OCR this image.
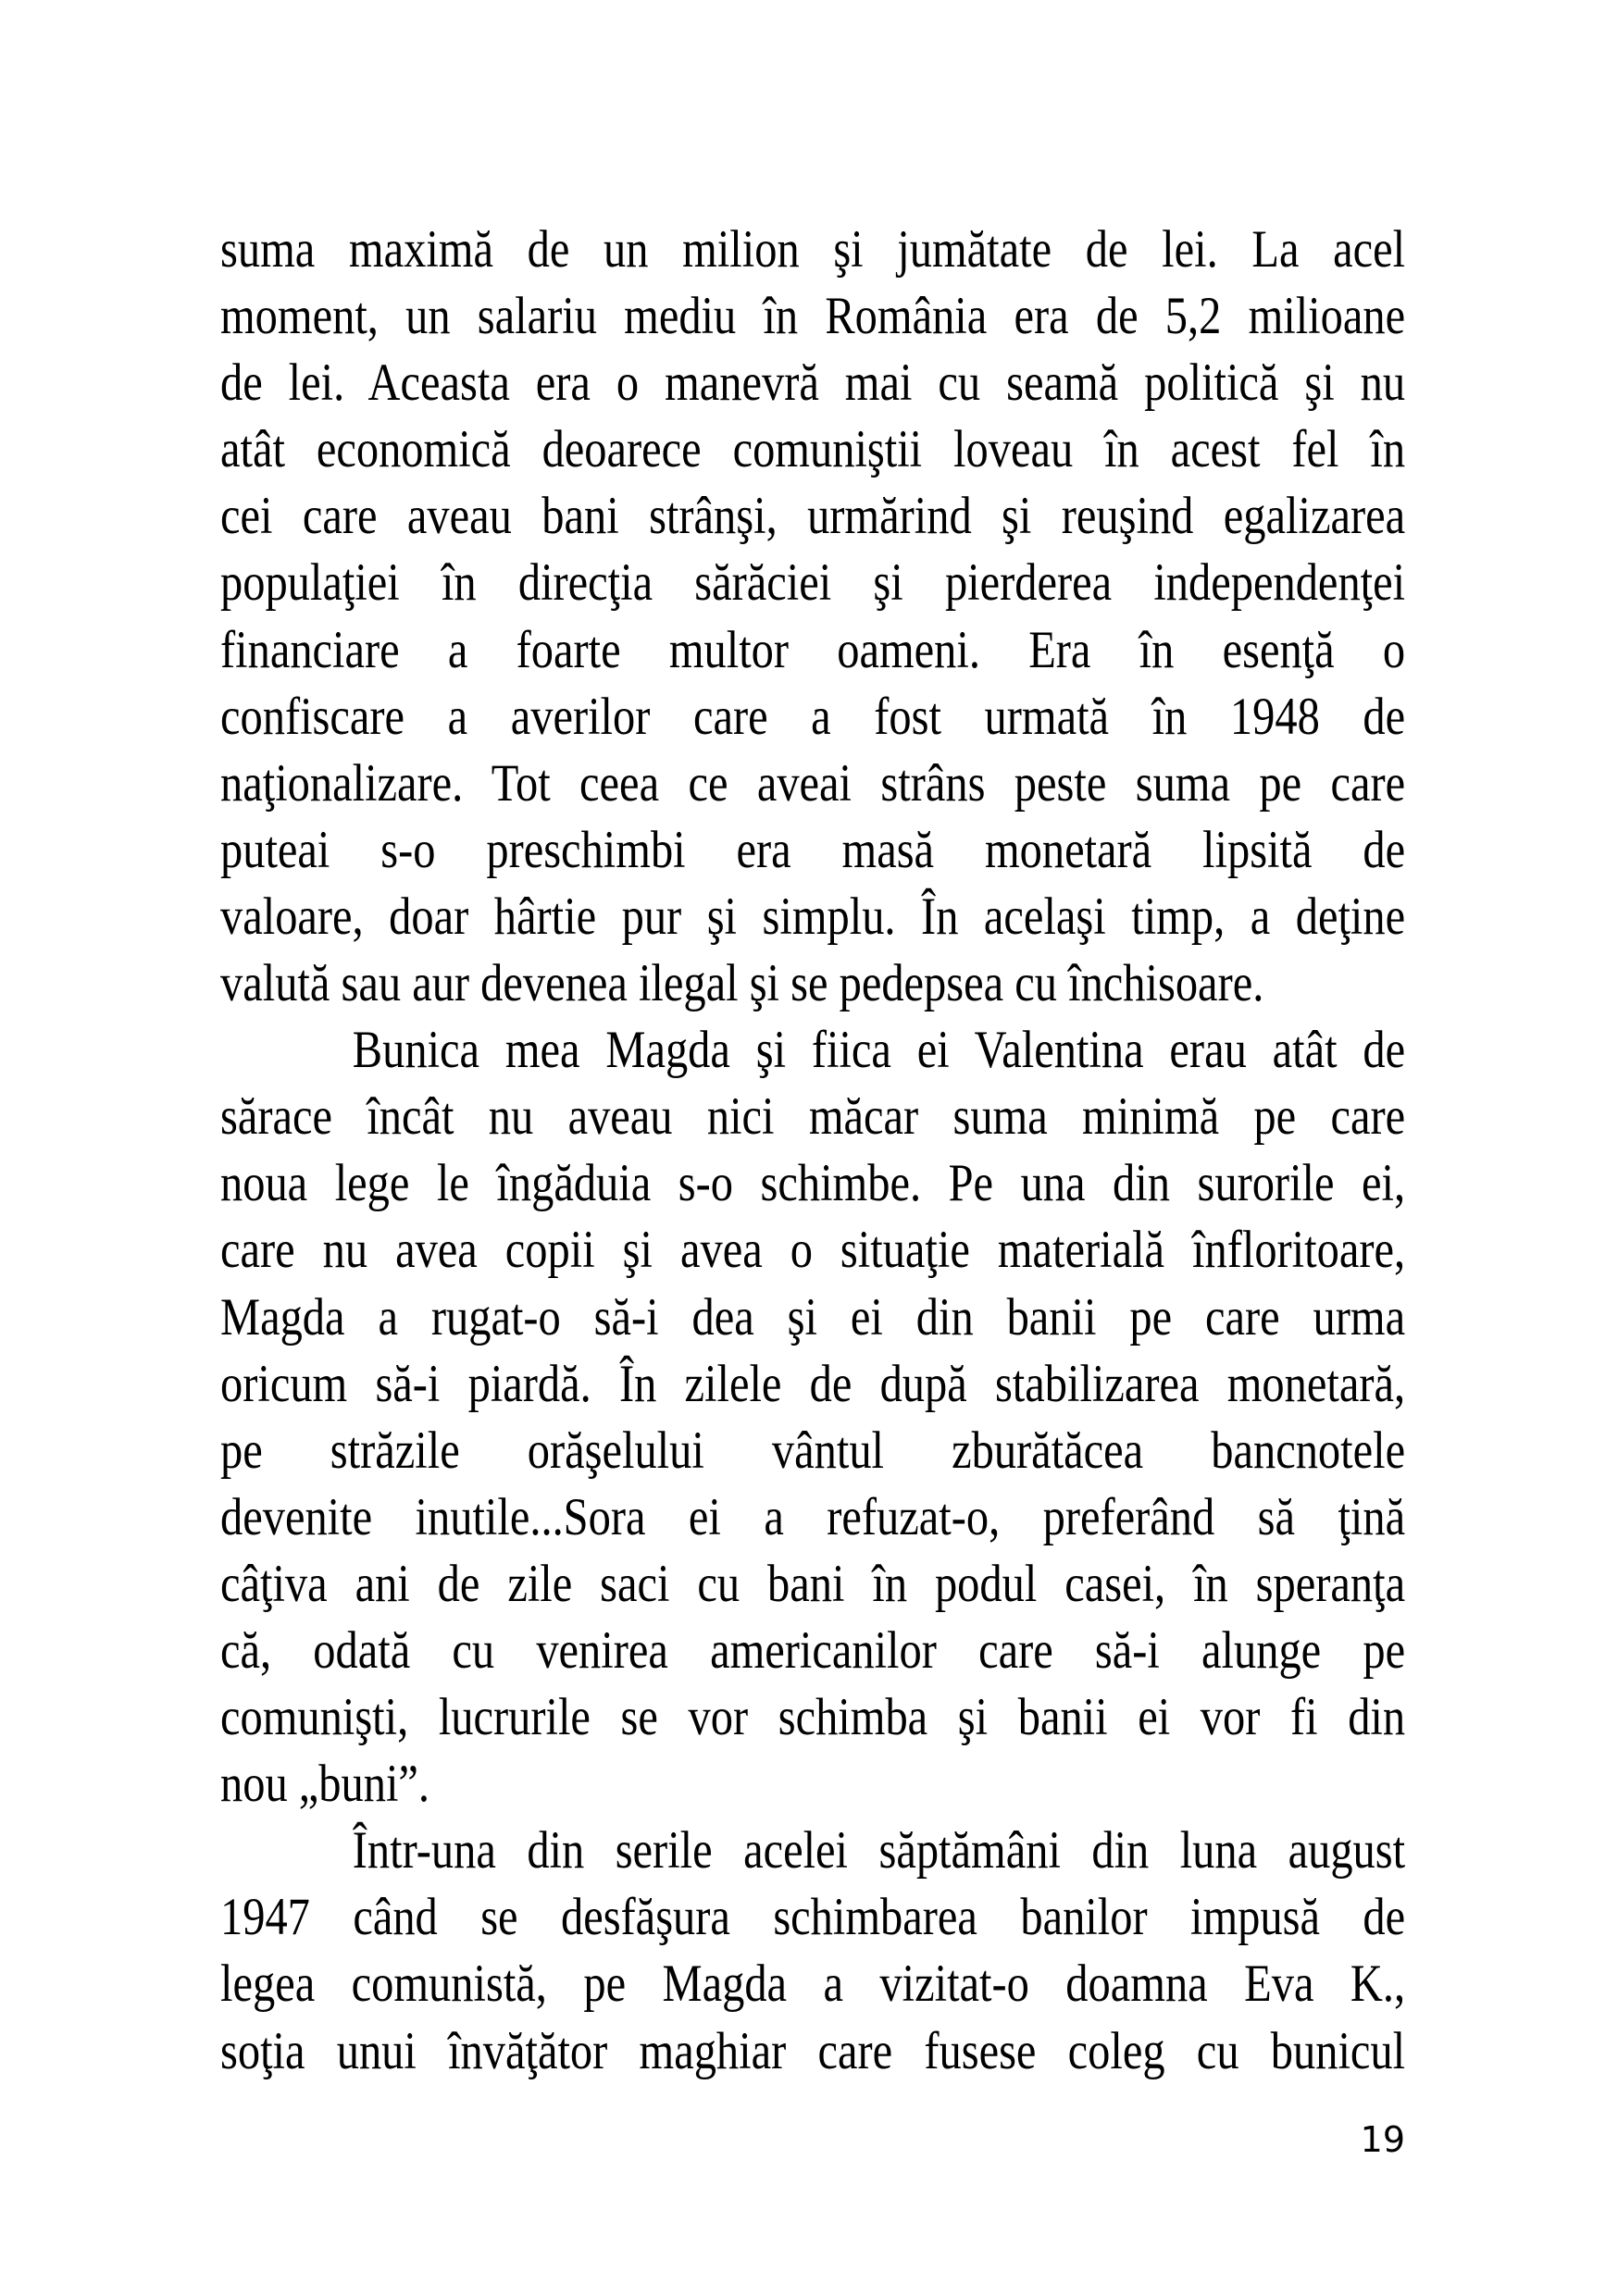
suma maximă de un milion şi jumătate de lei. La acel
moment, un salariu mediu în România era de 5,2 milioane
de lei. Aceasta era o manevră mai cu seamă politică şi nu
atât economică deoarece comuniştii loveau în acest fel în
cei care aveau bani strânşi, urmărind şi reuşind egalizarea
populaţiei în direcţia sărăciei şi pierderea independenţei
financiare a foarte multor oameni. Era în esenţă o
confiscare a averilor care a fost urmată în 1948 de
naţionalizare. Tot ceea ce aveai strâns peste suma pe care
puteai s-o preschimbi era masă monetară lipsită de
valoare, doar hârtie pur şi simplu. În acelaşi timp, a deţine
valută sau aur devenea ilegal şi se pedepsea cu închisoare.
Bunica mea Magda şi fiica ei Valentina erau atât de
sărace încât nu aveau nici măcar suma minimă pe care
noua lege le îngăduia s-o schimbe. Pe una din surorile ei,
care nu avea copii şi avea o situaţie materială înfloritoare,
Magda a rugat-o să-i dea şi ei din banii pe care urma
oricum să-i piardă. În zilele de după stabilizarea monetară,
pe străzile orăşelului vântul zburătăcea bancnotele
devenite inutile...Sora ei a refuzat-o, preferând să ţină
câţiva ani de zile saci cu bani în podul casei, în speranţa
că, odată cu venirea americanilor care să-i alunge pe
comunişti, lucrurile se vor schimba şi banii ei vor fi din
nou „buni”.
Într-una din serile acelei săptămâni din luna august
1947 când se desfăşura schimbarea banilor impusă de
legea comunistă, pe Magda a vizitat-o doamna Eva K.,
soţia unui învăţător maghiar care fusese coleg cu bunicul
19
